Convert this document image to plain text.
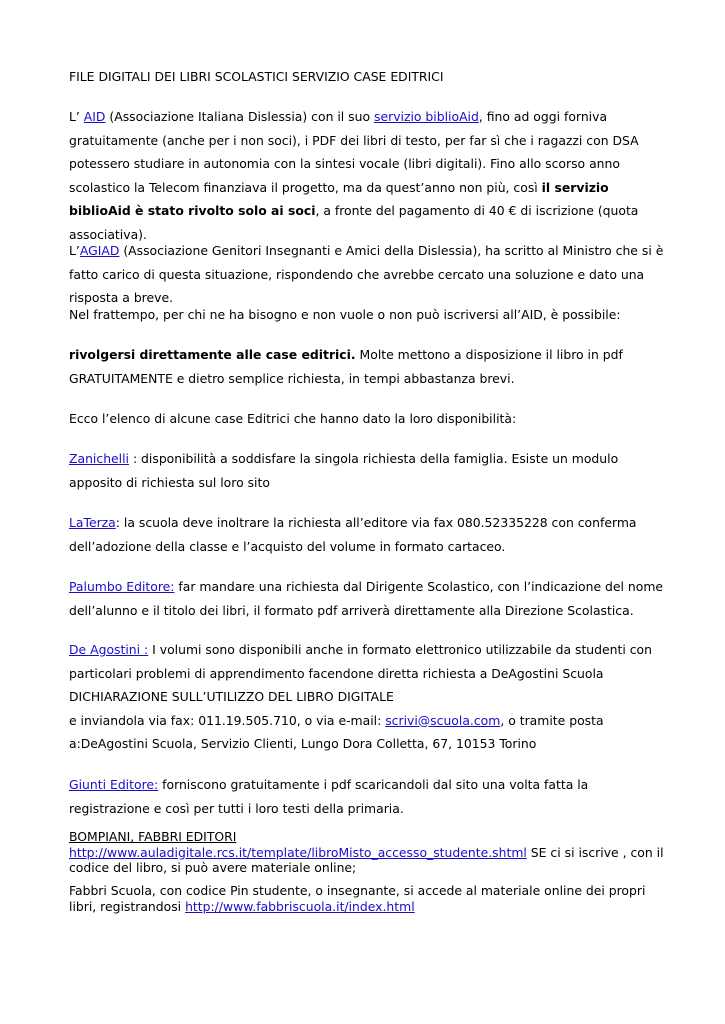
FILE DIGITALI DEI LIBRI SCOLASTICI SERVIZIO CASE EDITRICI

L’ AID (Associazione Italiana Dislessia) con il suo servizio biblioAid, fino ad oggi forniva gratuitamente (anche per i non soci), i PDF dei libri di testo, per far sì che i ragazzi con DSA potessero studiare in autonomia con la sintesi vocale (libri digitali). Fino allo scorso anno scolastico la Telecom finanziava il progetto, ma da quest’anno non più, così il servizio biblioAid è stato rivolto solo ai soci, a fronte del pagamento di 40 € di iscrizione (quota associativa).

L’AGIAD (Associazione Genitori Insegnanti e Amici della Dislessia), ha scritto al Ministro che si è fatto carico di questa situazione, rispondendo che avrebbe cercato una soluzione e dato una risposta a breve.

Nel frattempo, per chi ne ha bisogno e non vuole o non può iscriversi all’AID, è possibile:

rivolgersi direttamente alle case editrici. Molte mettono a disposizione il libro in pdf GRATUITAMENTE e dietro semplice richiesta, in tempi abbastanza brevi.

Ecco l’elenco di alcune case Editrici che hanno dato la loro disponibilità:

Zanichelli : disponibilità a soddisfare la singola richiesta della famiglia. Esiste un modulo apposito di richiesta sul loro sito

LaTerza: la scuola deve inoltrare la richiesta all’editore via fax 080.52335228 con conferma dell’adozione della classe e l’acquisto del volume in formato cartaceo.

Palumbo Editore: far mandare una richiesta dal Dirigente Scolastico, con l’indicazione del nome dell’alunno e il titolo dei libri, il formato pdf arriverà direttamente alla Direzione Scolastica.

De Agostini : I volumi sono disponibili anche in formato elettronico utilizzabile da studenti con particolari problemi di apprendimento facendone diretta richiesta a DeAgostini Scuola DICHIARAZIONE SULL’UTILIZZO DEL LIBRO DIGITALE
e inviandola via fax: 011.19.505.710, o via e-mail: scrivi@scuola.com, o tramite posta a:DeAgostini Scuola, Servizio Clienti, Lungo Dora Colletta, 67, 10153 Torino

Giunti Editore: forniscono gratuitamente i pdf scaricandoli dal sito una volta fatta la registrazione e così per tutti i loro testi della primaria.

BOMPIANI, FABBRI EDITORI
http://www.auladigitale.rcs.it/template/libroMisto_accesso_studente.shtml SE ci si iscrive , con il codice del libro, si può avere materiale online;
Fabbri Scuola, con codice Pin studente, o insegnante, si accede al materiale online dei propri libri, registrandosi http://www.fabbriscuola.it/index.html
